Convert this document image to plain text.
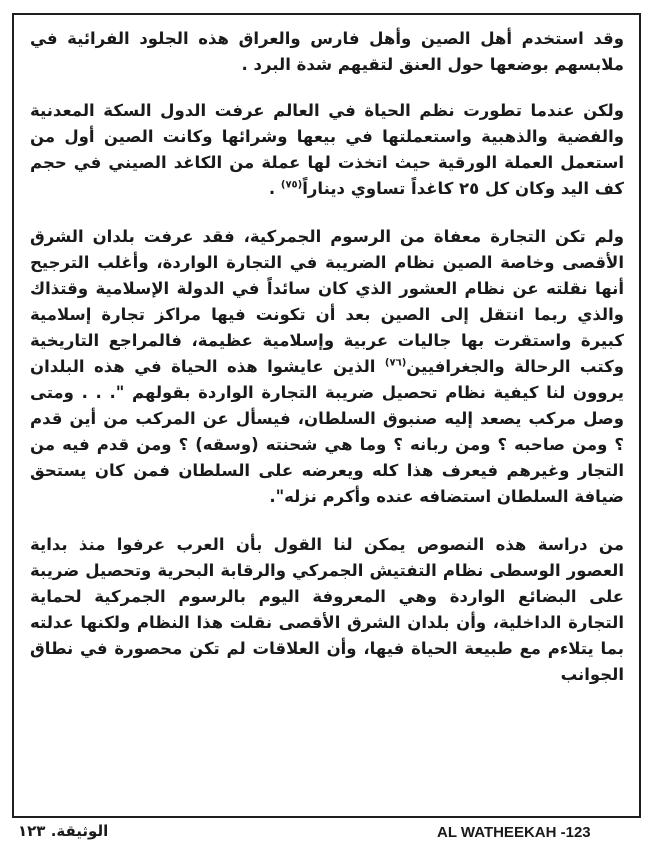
وقد استخدم أهل الصين وأهل فارس والعراق هذه الجلود الفرائية في ملابسهم بوضعها حول العنق لتقيهم شدة البرد .

ولكن عندما تطورت نظم الحياة في العالم عرفت الدول السكة المعدنية والفضية والذهبية واستعملتها في بيعها وشرائها وكانت الصين أول من استعمل العملة الورقية حيث اتخذت لها عملة من الكاغد الصيني في حجم كف اليد وكان كل ٢٥ كاغداً تساوي ديناراً$^{(٧٥)}$ .

ولم تكن التجارة معفاة من الرسوم الجمركية، فقد عرفت بلدان الشرق الأقصى وخاصة الصين نظام الضريبة في التجارة الواردة، وأغلب الترجيح أنها نقلته عن نظام العشور الذي كان سائداً في الدولة الإسلامية وقتذاك والذي ربما انتقل إلى الصين بعد أن تكونت فيها مراكز تجارة إسلامية كبيرة واستقرت بها جاليات عربية وإسلامية عظيمة، فالمراجع التاريخية وكتب الرحالة والجغرافيين$^{(٧٦)}$ الذين عايشوا هذه الحياة في هذه البلدان يروون لنا كيفية نظام تحصيل ضريبة التجارة الواردة بقولهم ". . . ومتى وصل مركب يصعد إليه صنبوق السلطان، فيسأل عن المركب من أين قدم ؟ ومن صاحبه ؟ ومن ربانه ؟ وما هي شحنته (وسقه) ؟ ومن قدم فيه من التجار وغيرهم فيعرف هذا كله ويعرضه على السلطان فمن كان يستحق ضيافة السلطان استضافه عنده وأكرم نزله".

من دراسة هذه النصوص يمكن لنا القول بأن العرب عرفوا منذ بداية العصور الوسطى نظام التفتيش الجمركي والرقابة البحرية وتحصيل ضريبة على البضائع الواردة وهي المعروفة اليوم بالرسوم الجمركية لحماية التجارة الداخلية، وأن بلدان الشرق الأقصى نقلت هذا النظام ولكنها عدلته بما يتلاءم مع طبيعة الحياة فيها، وأن العلاقات لم تكن محصورة في نطاق الجوانب

AL WATHEEKAH -123
الوثيقة. ١٢٣
